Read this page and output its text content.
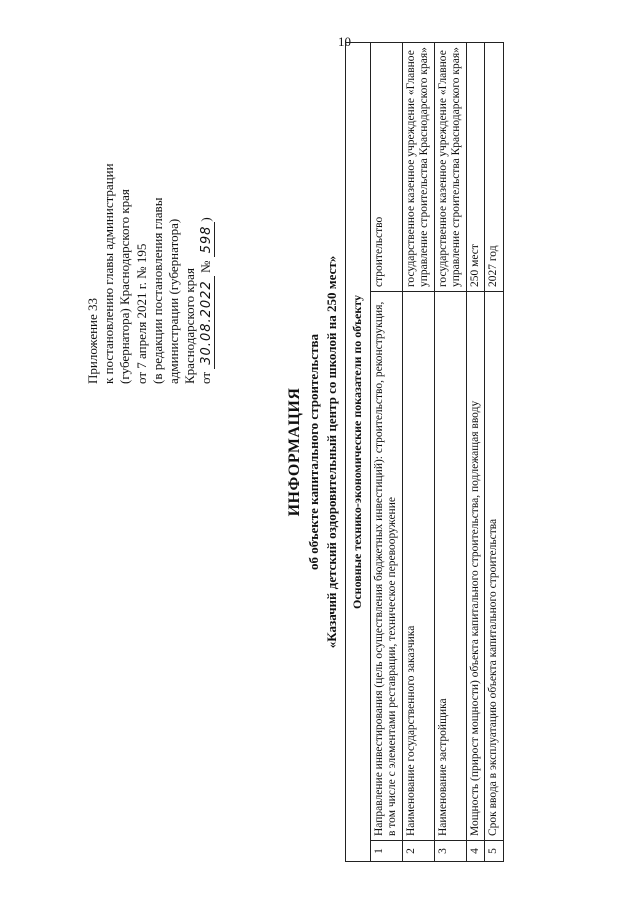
10
Приложение 33 к постановлению главы администрации (губернатора) Краснодарского края от 7 апреля 2021 г. № 195 (в редакции постановления главы администрации (губернатора) Краснодарского края от 30.08.2022 № 598)
ИНФОРМАЦИЯ об объекте капитального строительства «Казачий детский оздоровительный центр со школой на 250 мест» Основные технико-экономические показатели по объекту		
1	Направление инвестирования (цель осуществления бюджетных инвестиций): строительство, реконструкция, в том числе с элементами реставрации, техническое перевооружение	строительство
2	Наименование государственного заказчика	государственное казенное учреждение «Главное управление строительства Краснодарского края»
3	Наименование застройщика	государственное казенное учреждение «Главное управление строительства Краснодарского края»
4	Мощность (прирост мощности) объекта капитального строительства, подлежащая вводу	250 мест
5	Срок ввода в эксплуатацию объекта капитального строительства	2027 год
